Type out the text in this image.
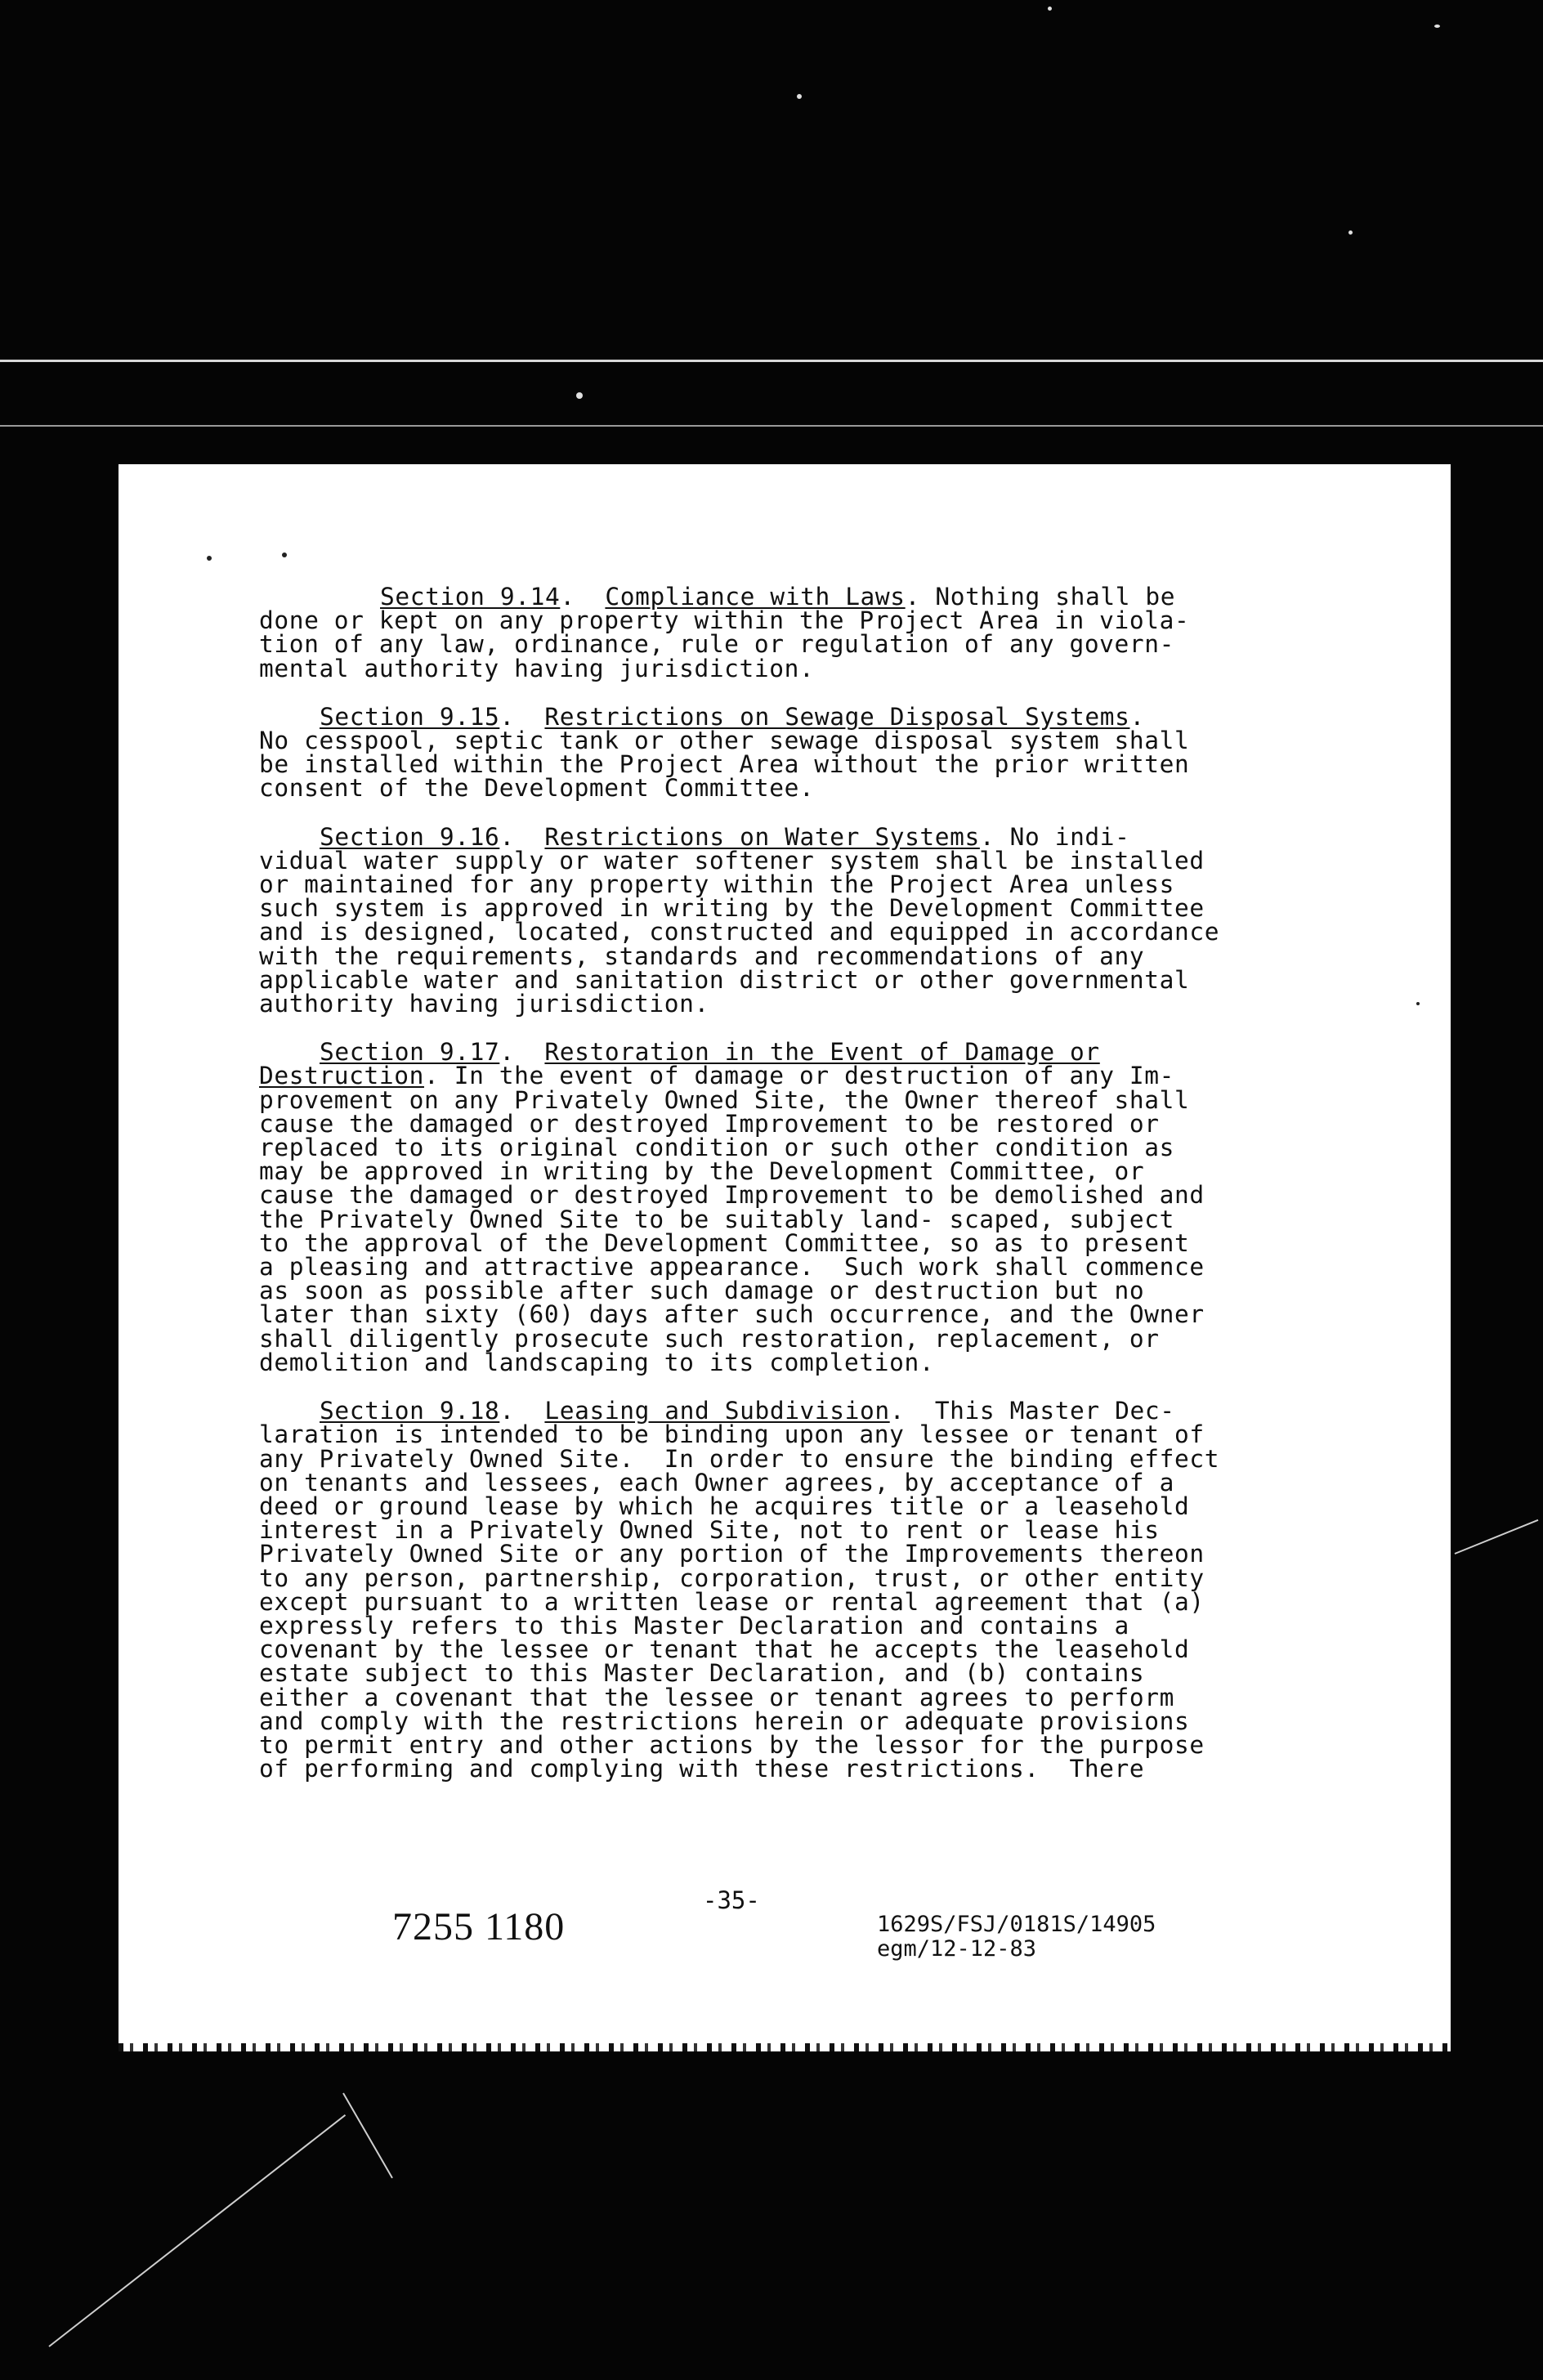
Section 9.14.  Compliance with Laws. Nothing shall be
done or kept on any property within the Project Area in viola-
tion of any law, ordinance, rule or regulation of any govern-
mental authority having jurisdiction.

Section 9.15.  Restrictions on Sewage Disposal Systems.
No cesspool, septic tank or other sewage disposal system shall
be installed within the Project Area without the prior written
consent of the Development Committee.

Section 9.16.  Restrictions on Water Systems. No indi-
vidual water supply or water softener system shall be installed
or maintained for any property within the Project Area unless
such system is approved in writing by the Development Committee
and is designed, located, constructed and equipped in accordance
with the requirements, standards and recommendations of any
applicable water and sanitation district or other governmental
authority having jurisdiction.

Section 9.17.  Restoration in the Event of Damage or
Destruction. In the event of damage or destruction of any Im-
provement on any Privately Owned Site, the Owner thereof shall
cause the damaged or destroyed Improvement to be restored or
replaced to its original condition or such other condition as
may be approved in writing by the Development Committee, or
cause the damaged or destroyed Improvement to be demolished and
the Privately Owned Site to be suitably land- scaped, subject
to the approval of the Development Committee, so as to present
a pleasing and attractive appearance.  Such work shall commence
as soon as possible after such damage or destruction but no
later than sixty (60) days after such occurrence, and the Owner
shall diligently prosecute such restoration, replacement, or
demolition and landscaping to its completion.

Section 9.18.  Leasing and Subdivision.  This Master Dec-
laration is intended to be binding upon any lessee or tenant of
any Privately Owned Site.  In order to ensure the binding effect
on tenants and lessees, each Owner agrees, by acceptance of a
deed or ground lease by which he acquires title or a leasehold
interest in a Privately Owned Site, not to rent or lease his
Privately Owned Site or any portion of the Improvements thereon
to any person, partnership, corporation, trust, or other entity
except pursuant to a written lease or rental agreement that (a)
expressly refers to this Master Declaration and contains a
covenant by the lessee or tenant that he accepts the leasehold
estate subject to this Master Declaration, and (b) contains
either a covenant that the lessee or tenant agrees to perform
and comply with the restrictions herein or adequate provisions
to permit entry and other actions by the lessor for the purpose
of performing and complying with these restrictions.  There

7255 1180
-35-
1629S/FSJ/0181S/14905
egm/12-12-83
